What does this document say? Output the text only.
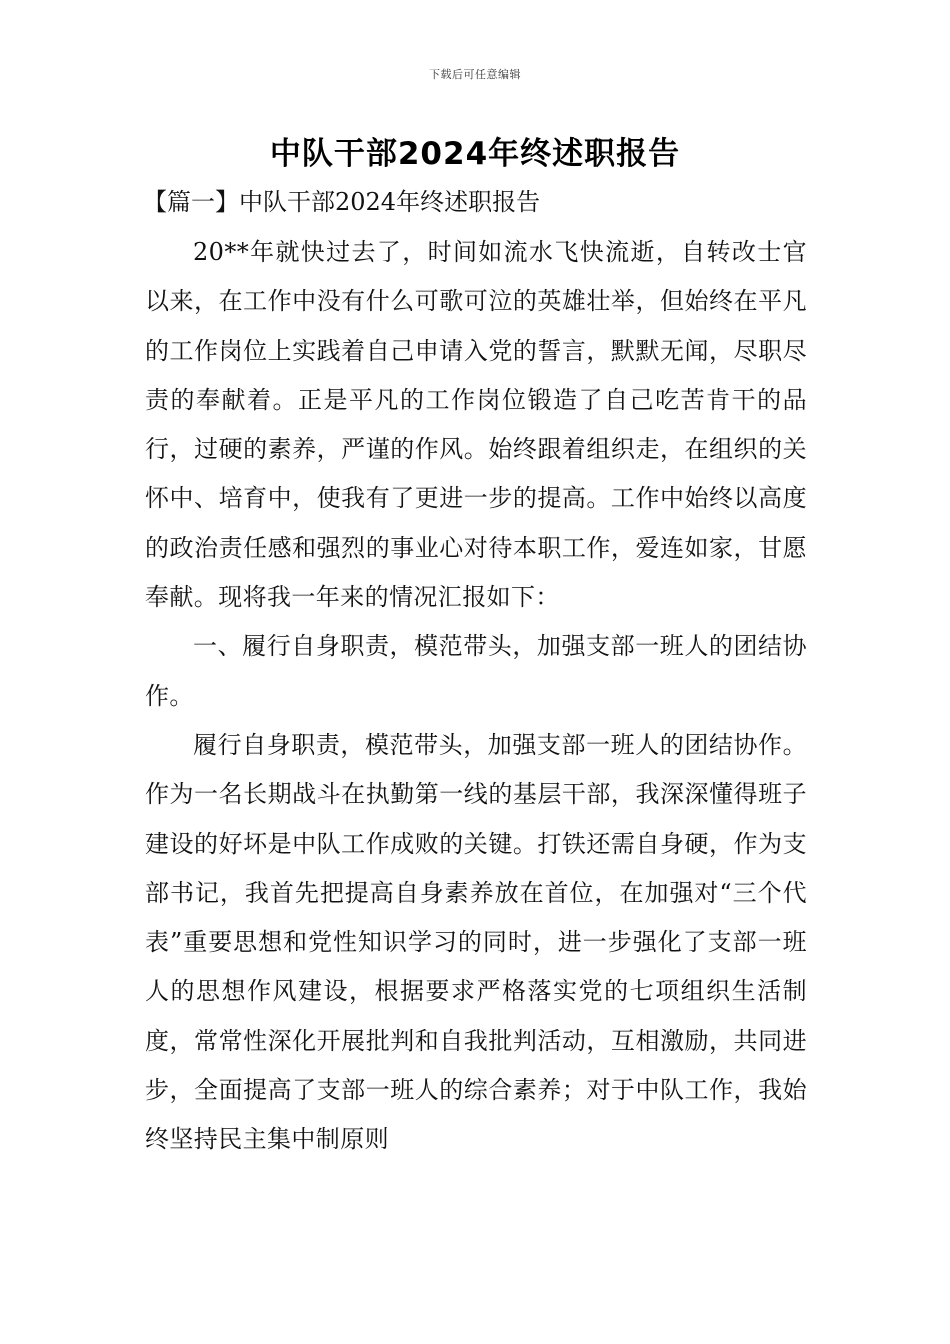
下载后可任意编辑
中队干部2024年终述职报告
【篇一】中队干部2024年终述职报告

20**年就快过去了，时间如流水飞快流逝，自转改士官以来，在工作中没有什么可歌可泣的英雄壮举，但始终在平凡的工作岗位上实践着自己申请入党的誓言，默默无闻，尽职尽责的奉献着。正是平凡的工作岗位锻造了自己吃苦肯干的品行，过硬的素养，严谨的作风。始终跟着组织走，在组织的关怀中、培育中，使我有了更进一步的提高。工作中始终以高度的政治责任感和强烈的事业心对待本职工作，爱连如家，甘愿奉献。现将我一年来的情况汇报如下：

一、履行自身职责，模范带头，加强支部一班人的团结协作。

履行自身职责，模范带头，加强支部一班人的团结协作。作为一名长期战斗在执勤第一线的基层干部，我深深懂得班子建设的好坏是中队工作成败的关键。打铁还需自身硬，作为支部书记，我首先把提高自身素养放在首位，在加强对“三个代表”重要思想和党性知识学习的同时，进一步强化了支部一班人的思想作风建设，根据要求严格落实党的七项组织生活制度，常常性深化开展批判和自我批判活动，互相激励，共同进步，全面提高了支部一班人的综合素养；对于中队工作，我始终坚持民主集中制原则
